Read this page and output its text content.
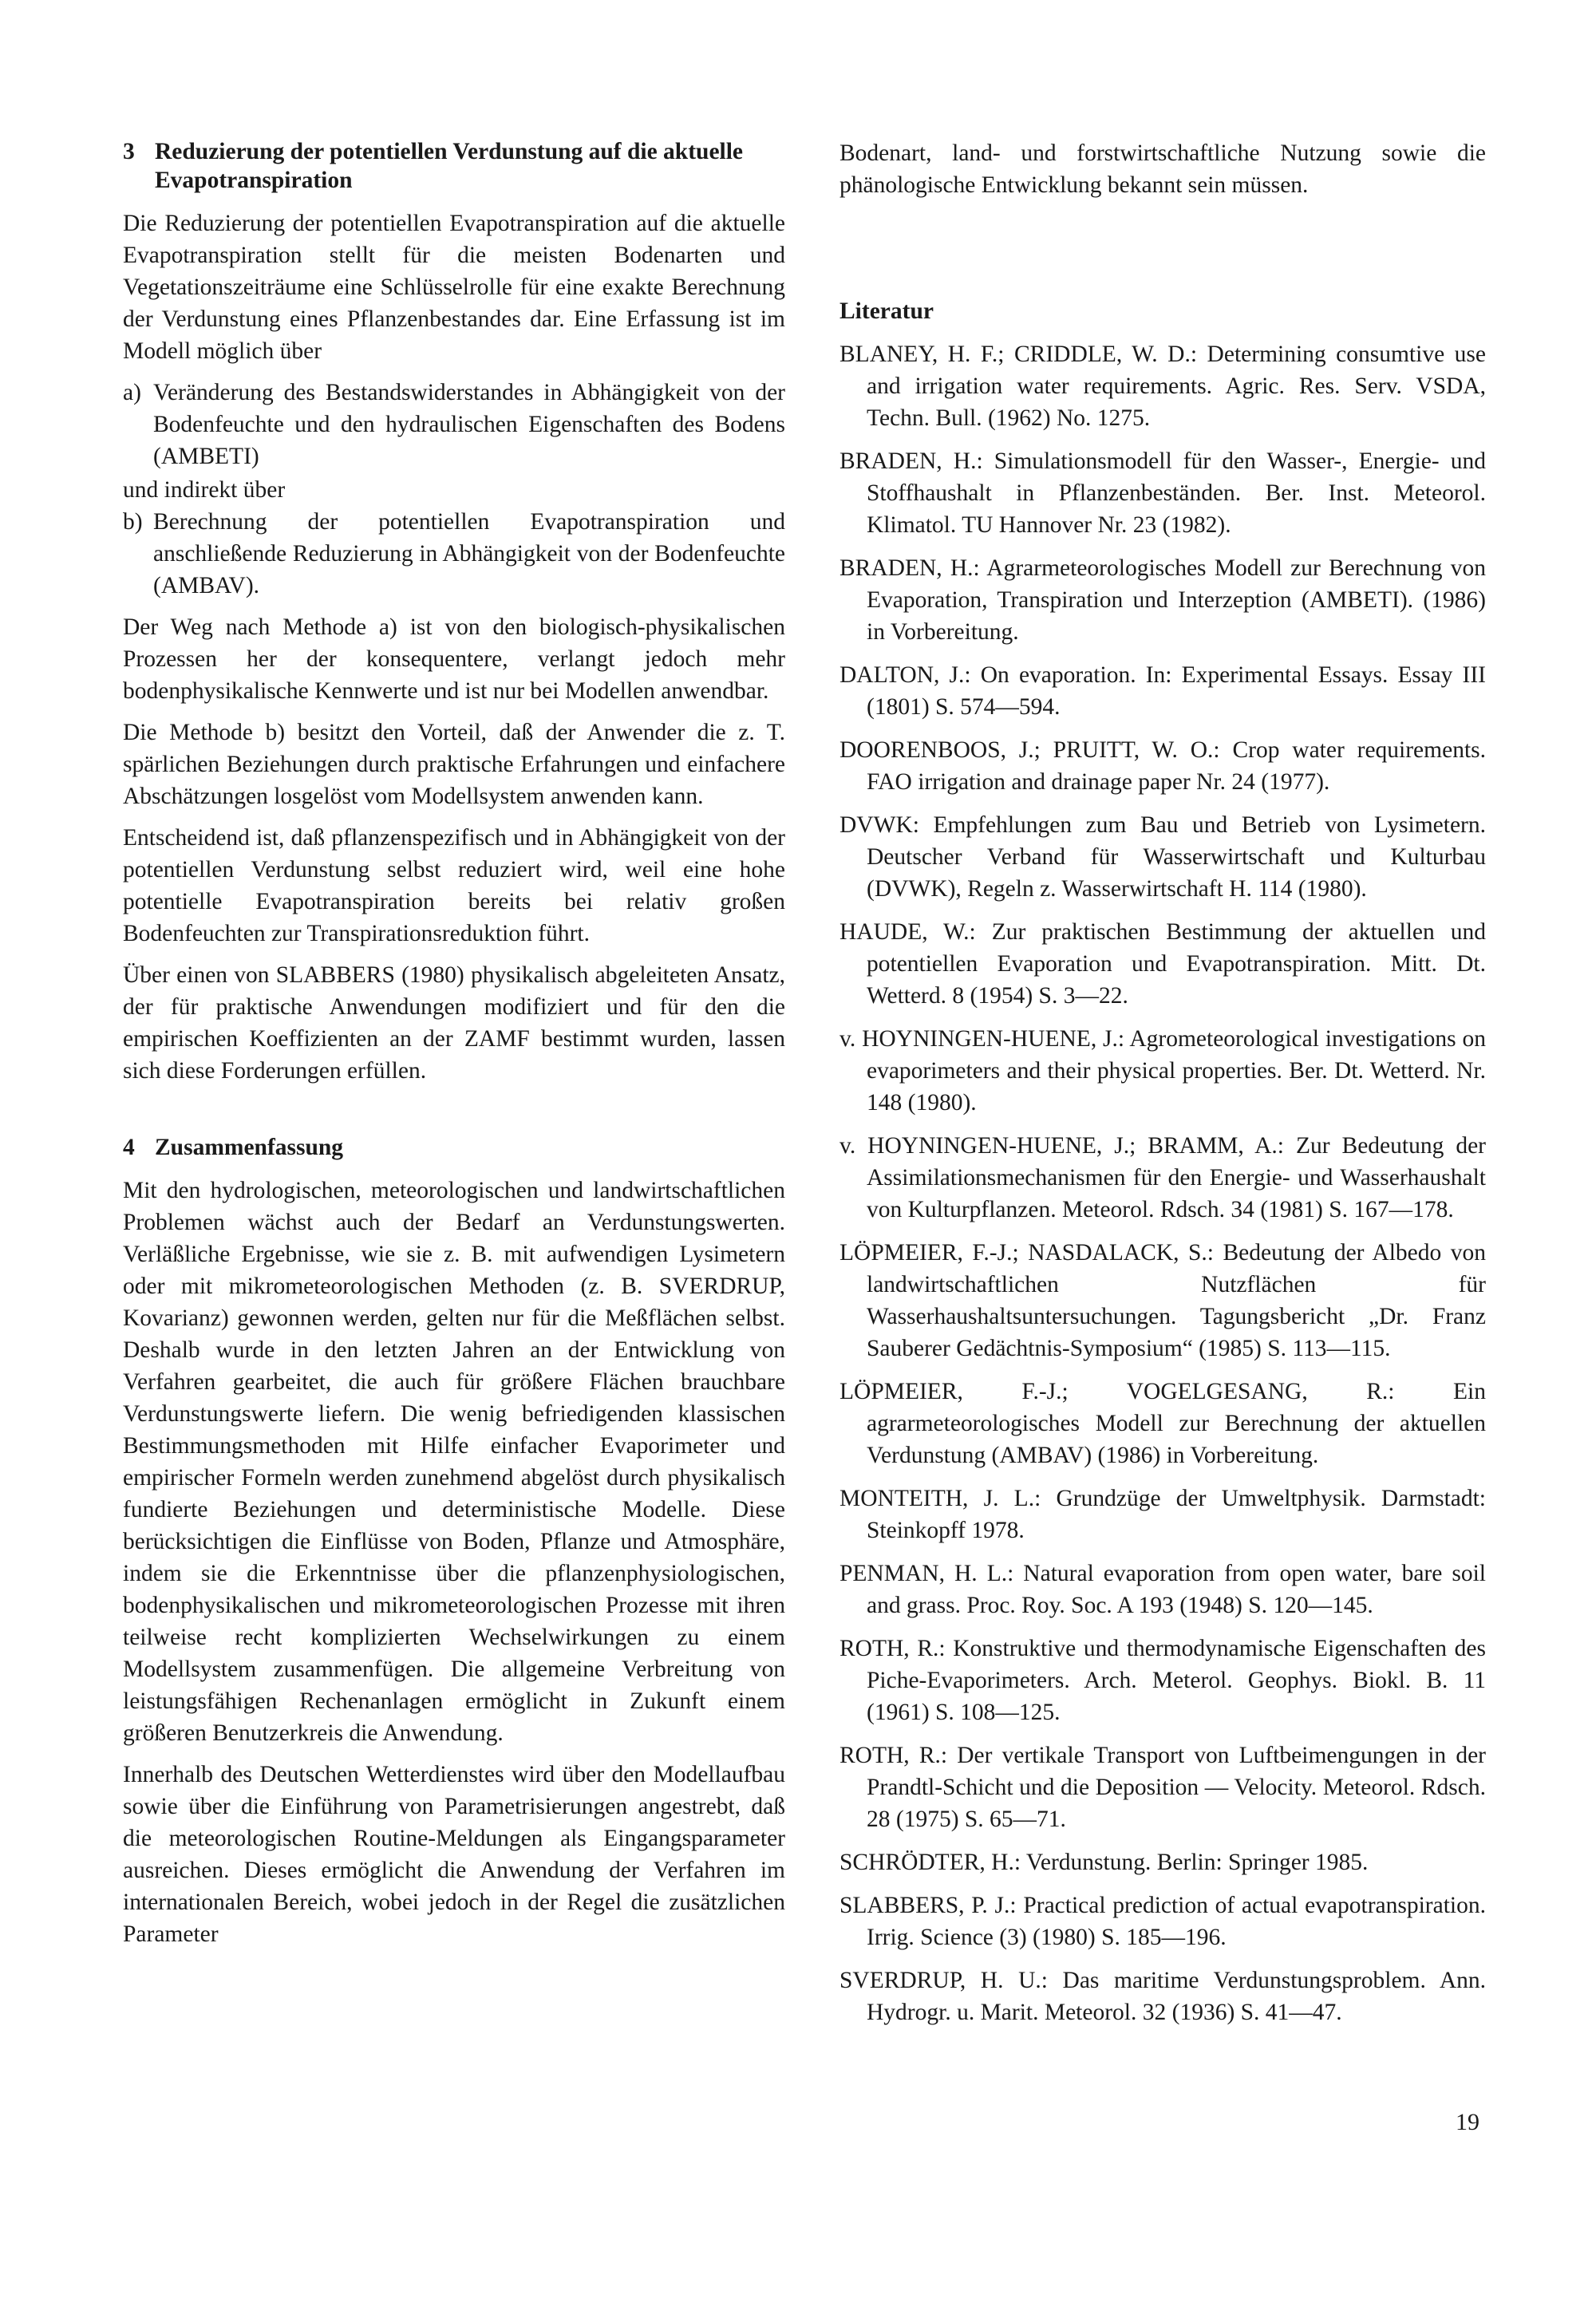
3 Reduzierung der potentiellen Verdunstung auf die aktuelle Evapotranspiration

Die Reduzierung der potentiellen Evapotranspiration auf die aktuelle Evapotranspiration stellt für die meisten Bodenarten und Vegetationszeiträume eine Schlüsselrolle für eine exakte Berechnung der Verdunstung eines Pflanzenbestandes dar. Eine Erfassung ist im Modell möglich über

a) Veränderung des Bestandswiderstandes in Abhängigkeit von der Bodenfeuchte und den hydraulischen Eigenschaften des Bodens (AMBETI)
und indirekt über
b) Berechnung der potentiellen Evapotranspiration und anschließende Reduzierung in Abhängigkeit von der Bodenfeuchte (AMBAV).

Der Weg nach Methode a) ist von den biologisch-physikalischen Prozessen her der konsequentere, verlangt jedoch mehr bodenphysikalische Kennwerte und ist nur bei Modellen anwendbar.

Die Methode b) besitzt den Vorteil, daß der Anwender die z. T. spärlichen Beziehungen durch praktische Erfahrungen und einfachere Abschätzungen losgelöst vom Modellsystem anwenden kann.

Entscheidend ist, daß pflanzenspezifisch und in Abhängigkeit von der potentiellen Verdunstung selbst reduziert wird, weil eine hohe potentielle Evapotranspiration bereits bei relativ großen Bodenfeuchten zur Transpirationsreduktion führt.

Über einen von SLABBERS (1980) physikalisch abgeleiteten Ansatz, der für praktische Anwendungen modifiziert und für den die empirischen Koeffizienten an der ZAMF bestimmt wurden, lassen sich diese Forderungen erfüllen.

4 Zusammenfassung

Mit den hydrologischen, meteorologischen und landwirtschaftlichen Problemen wächst auch der Bedarf an Verdunstungswerten. Verläßliche Ergebnisse, wie sie z. B. mit aufwendigen Lysimetern oder mit mikrometeorologischen Methoden (z. B. SVERDRUP, Kovarianz) gewonnen werden, gelten nur für die Meßflächen selbst. Deshalb wurde in den letzten Jahren an der Entwicklung von Verfahren gearbeitet, die auch für größere Flächen brauchbare Verdunstungswerte liefern. Die wenig befriedigenden klassischen Bestimmungsmethoden mit Hilfe einfacher Evaporimeter und empirischer Formeln werden zunehmend abgelöst durch physikalisch fundierte Beziehungen und deterministische Modelle. Diese berücksichtigen die Einflüsse von Boden, Pflanze und Atmosphäre, indem sie die Erkenntnisse über die pflanzenphysiologischen, bodenphysikalischen und mikrometeorologischen Prozesse mit ihren teilweise recht komplizierten Wechselwirkungen zu einem Modellsystem zusammenfügen. Die allgemeine Verbreitung von leistungsfähigen Rechenanlagen ermöglicht in Zukunft einem größeren Benutzerkreis die Anwendung.

Innerhalb des Deutschen Wetterdienstes wird über den Modellaufbau sowie über die Einführung von Parametrisierungen angestrebt, daß die meteorologischen Routine-Meldungen als Eingangsparameter ausreichen. Dieses ermöglicht die Anwendung der Verfahren im internationalen Bereich, wobei jedoch in der Regel die zusätzlichen Parameter

Bodenart, land- und forstwirtschaftliche Nutzung sowie die phänologische Entwicklung bekannt sein müssen.

Literatur
BLANEY, H. F.; CRIDDLE, W. D.: Determining consumtive use and irrigation water requirements. Agric. Res. Serv. VSDA, Techn. Bull. (1962) No. 1275.
BRADEN, H.: Simulationsmodell für den Wasser-, Energie- und Stoffhaushalt in Pflanzenbeständen. Ber. Inst. Meteorol. Klimatol. TU Hannover Nr. 23 (1982).
BRADEN, H.: Agrarmeteorologisches Modell zur Berechnung von Evaporation, Transpiration und Interzeption (AMBETI). (1986) in Vorbereitung.
DALTON, J.: On evaporation. In: Experimental Essays. Essay III (1801) S. 574—594.
DOORENBOOS, J.; PRUITT, W. O.: Crop water requirements. FAO irrigation and drainage paper Nr. 24 (1977).
DVWK: Empfehlungen zum Bau und Betrieb von Lysimetern. Deutscher Verband für Wasserwirtschaft und Kulturbau (DVWK), Regeln z. Wasserwirtschaft H. 114 (1980).
HAUDE, W.: Zur praktischen Bestimmung der aktuellen und potentiellen Evaporation und Evapotranspiration. Mitt. Dt. Wetterd. 8 (1954) S. 3—22.
v. HOYNINGEN-HUENE, J.: Agrometeorological investigations on evaporimeters and their physical properties. Ber. Dt. Wetterd. Nr. 148 (1980).
v. HOYNINGEN-HUENE, J.; BRAMM, A.: Zur Bedeutung der Assimilationsmechanismen für den Energie- und Wasserhaushalt von Kulturpflanzen. Meteorol. Rdsch. 34 (1981) S. 167—178.
LÖPMEIER, F.-J.; NASDALACK, S.: Bedeutung der Albedo von landwirtschaftlichen Nutzflächen für Wasserhaushaltsuntersuchungen. Tagungsbericht „Dr. Franz Sauberer Gedächtnis-Symposium“ (1985) S. 113—115.
LÖPMEIER, F.-J.; VOGELGESANG, R.: Ein agrarmeteorologisches Modell zur Berechnung der aktuellen Verdunstung (AMBAV) (1986) in Vorbereitung.
MONTEITH, J. L.: Grundzüge der Umweltphysik. Darmstadt: Steinkopff 1978.
PENMAN, H. L.: Natural evaporation from open water, bare soil and grass. Proc. Roy. Soc. A 193 (1948) S. 120—145.
ROTH, R.: Konstruktive und thermodynamische Eigenschaften des Piche-Evaporimeters. Arch. Meterol. Geophys. Biokl. B. 11 (1961) S. 108—125.
ROTH, R.: Der vertikale Transport von Luftbeimengungen in der Prandtl-Schicht und die Deposition — Velocity. Meteorol. Rdsch. 28 (1975) S. 65—71.
SCHRÖDTER, H.: Verdunstung. Berlin: Springer 1985.
SLABBERS, P. J.: Practical prediction of actual evapotranspiration. Irrig. Science (3) (1980) S. 185—196.
SVERDRUP, H. U.: Das maritime Verdunstungsproblem. Ann. Hydrogr. u. Marit. Meteorol. 32 (1936) S. 41—47.
19
